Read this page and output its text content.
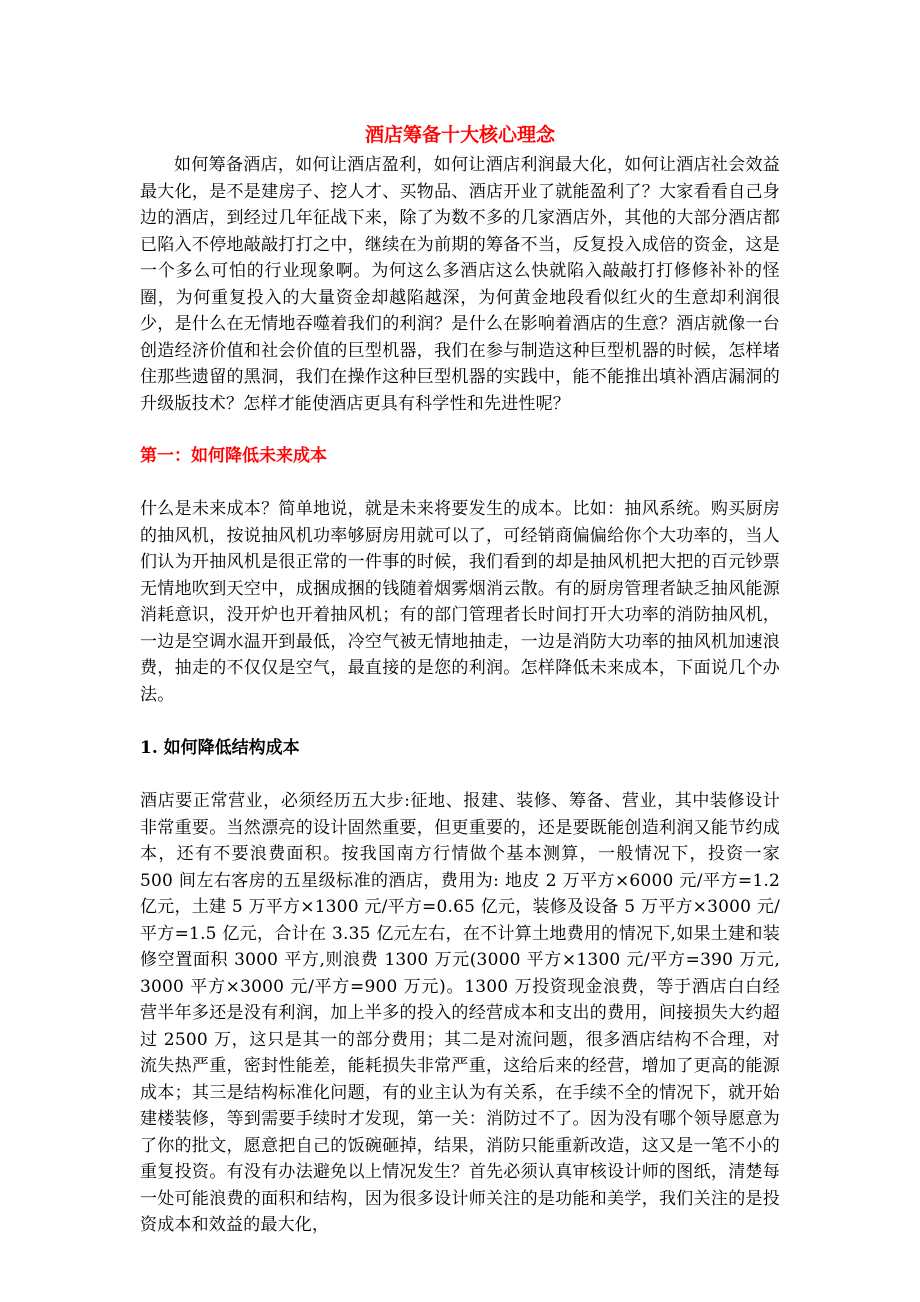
酒店筹备十大核心理念

如何筹备酒店，如何让酒店盈利，如何让酒店利润最大化，如何让酒店社会效益最大化，是不是建房子、挖人才、买物品、酒店开业了就能盈利了？大家看看自己身边的酒店，到经过几年征战下来，除了为数不多的几家酒店外，其他的大部分酒店都已陷入不停地敲敲打打之中，继续在为前期的筹备不当，反复投入成倍的资金，这是一个多么可怕的行业现象啊。为何这么多酒店这么快就陷入敲敲打打修修补补的怪圈，为何重复投入的大量资金却越陷越深，为何黄金地段看似红火的生意却利润很少，是什么在无情地吞噬着我们的利润？是什么在影响着酒店的生意？酒店就像一台创造经济价值和社会价值的巨型机器，我们在参与制造这种巨型机器的时候，怎样堵住那些遗留的黑洞，我们在操作这种巨型机器的实践中，能不能推出填补酒店漏洞的升级版技术？怎样才能使酒店更具有科学性和先进性呢？

第一：如何降低未来成本

什么是未来成本？简单地说，就是未来将要发生的成本。比如：抽风系统。购买厨房的抽风机，按说抽风机功率够厨房用就可以了，可经销商偏偏给你个大功率的，当人们认为开抽风机是很正常的一件事的时候，我们看到的却是抽风机把大把的百元钞票无情地吹到天空中，成捆成捆的钱随着烟雾烟消云散。有的厨房管理者缺乏抽风能源消耗意识，没开炉也开着抽风机；有的部门管理者长时间打开大功率的消防抽风机，一边是空调水温开到最低，冷空气被无情地抽走，一边是消防大功率的抽风机加速浪费，抽走的不仅仅是空气，最直接的是您的利润。怎样降低未来成本，下面说几个办法。

1. 如何降低结构成本

酒店要正常营业，必须经历五大步:征地、报建、装修、筹备、营业，其中装修设计非常重要。当然漂亮的设计固然重要，但更重要的，还是要既能创造利润又能节约成本，还有不要浪费面积。按我国南方行情做个基本测算，一般情况下，投资一家 500 间左右客房的五星级标准的酒店，费用为: 地皮 2 万平方×6000 元/平方=1.2 亿元，土建 5 万平方×1300 元/平方=0.65 亿元，装修及设备 5 万平方×3000 元/平方=1.5 亿元，合计在 3.35 亿元左右，在不计算土地费用的情况下,如果土建和装修空置面积 3000 平方,则浪费 1300 万元(3000 平方×1300 元/平方=390 万元, 3000 平方×3000 元/平方=900 万元)。1300 万投资现金浪费，等于酒店白白经营半年多还是没有利润，加上半多的投入的经营成本和支出的费用，间接损失大约超过 2500 万，这只是其一的部分费用；其二是对流问题，很多酒店结构不合理，对流失热严重，密封性能差，能耗损失非常严重，这给后来的经营，增加了更高的能源成本；其三是结构标准化问题，有的业主认为有关系，在手续不全的情况下，就开始建楼装修，等到需要手续时才发现，第一关：消防过不了。因为没有哪个领导愿意为了你的批文，愿意把自己的饭碗砸掉，结果，消防只能重新改造，这又是一笔不小的重复投资。有没有办法避免以上情况发生？首先必须认真审核设计师的图纸，清楚每一处可能浪费的面积和结构，因为很多设计师关注的是功能和美学，我们关注的是投资成本和效益的最大化，
